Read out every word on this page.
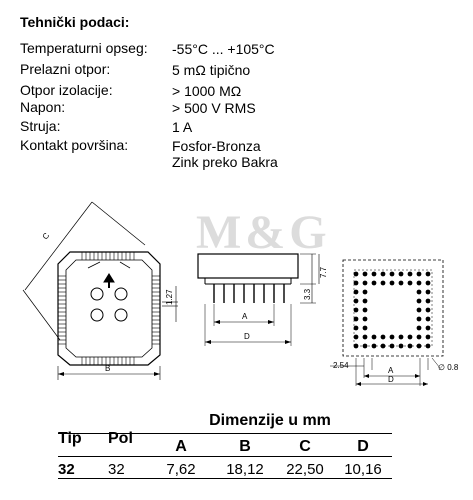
Tehnički podaci:
Temperaturni opseg: -55°C ... +105°C
Prelazni otpor:	5 mΩ tipično
Otpor izolacije:	> 1000 MΩ
Napon:	> 500 V RMS
Struja:	1 A
Kontakt površina:	Fosfor-Bronza
Zink preko Bakra
M&G
C
B
1.27
A
D
7.7
3.3
2.54
A
D
∅ 0.8
		Dimenzije u mm			

Tip	Pol	A	B	C	D

32	32	7,62	18,12	22,50	10,16
